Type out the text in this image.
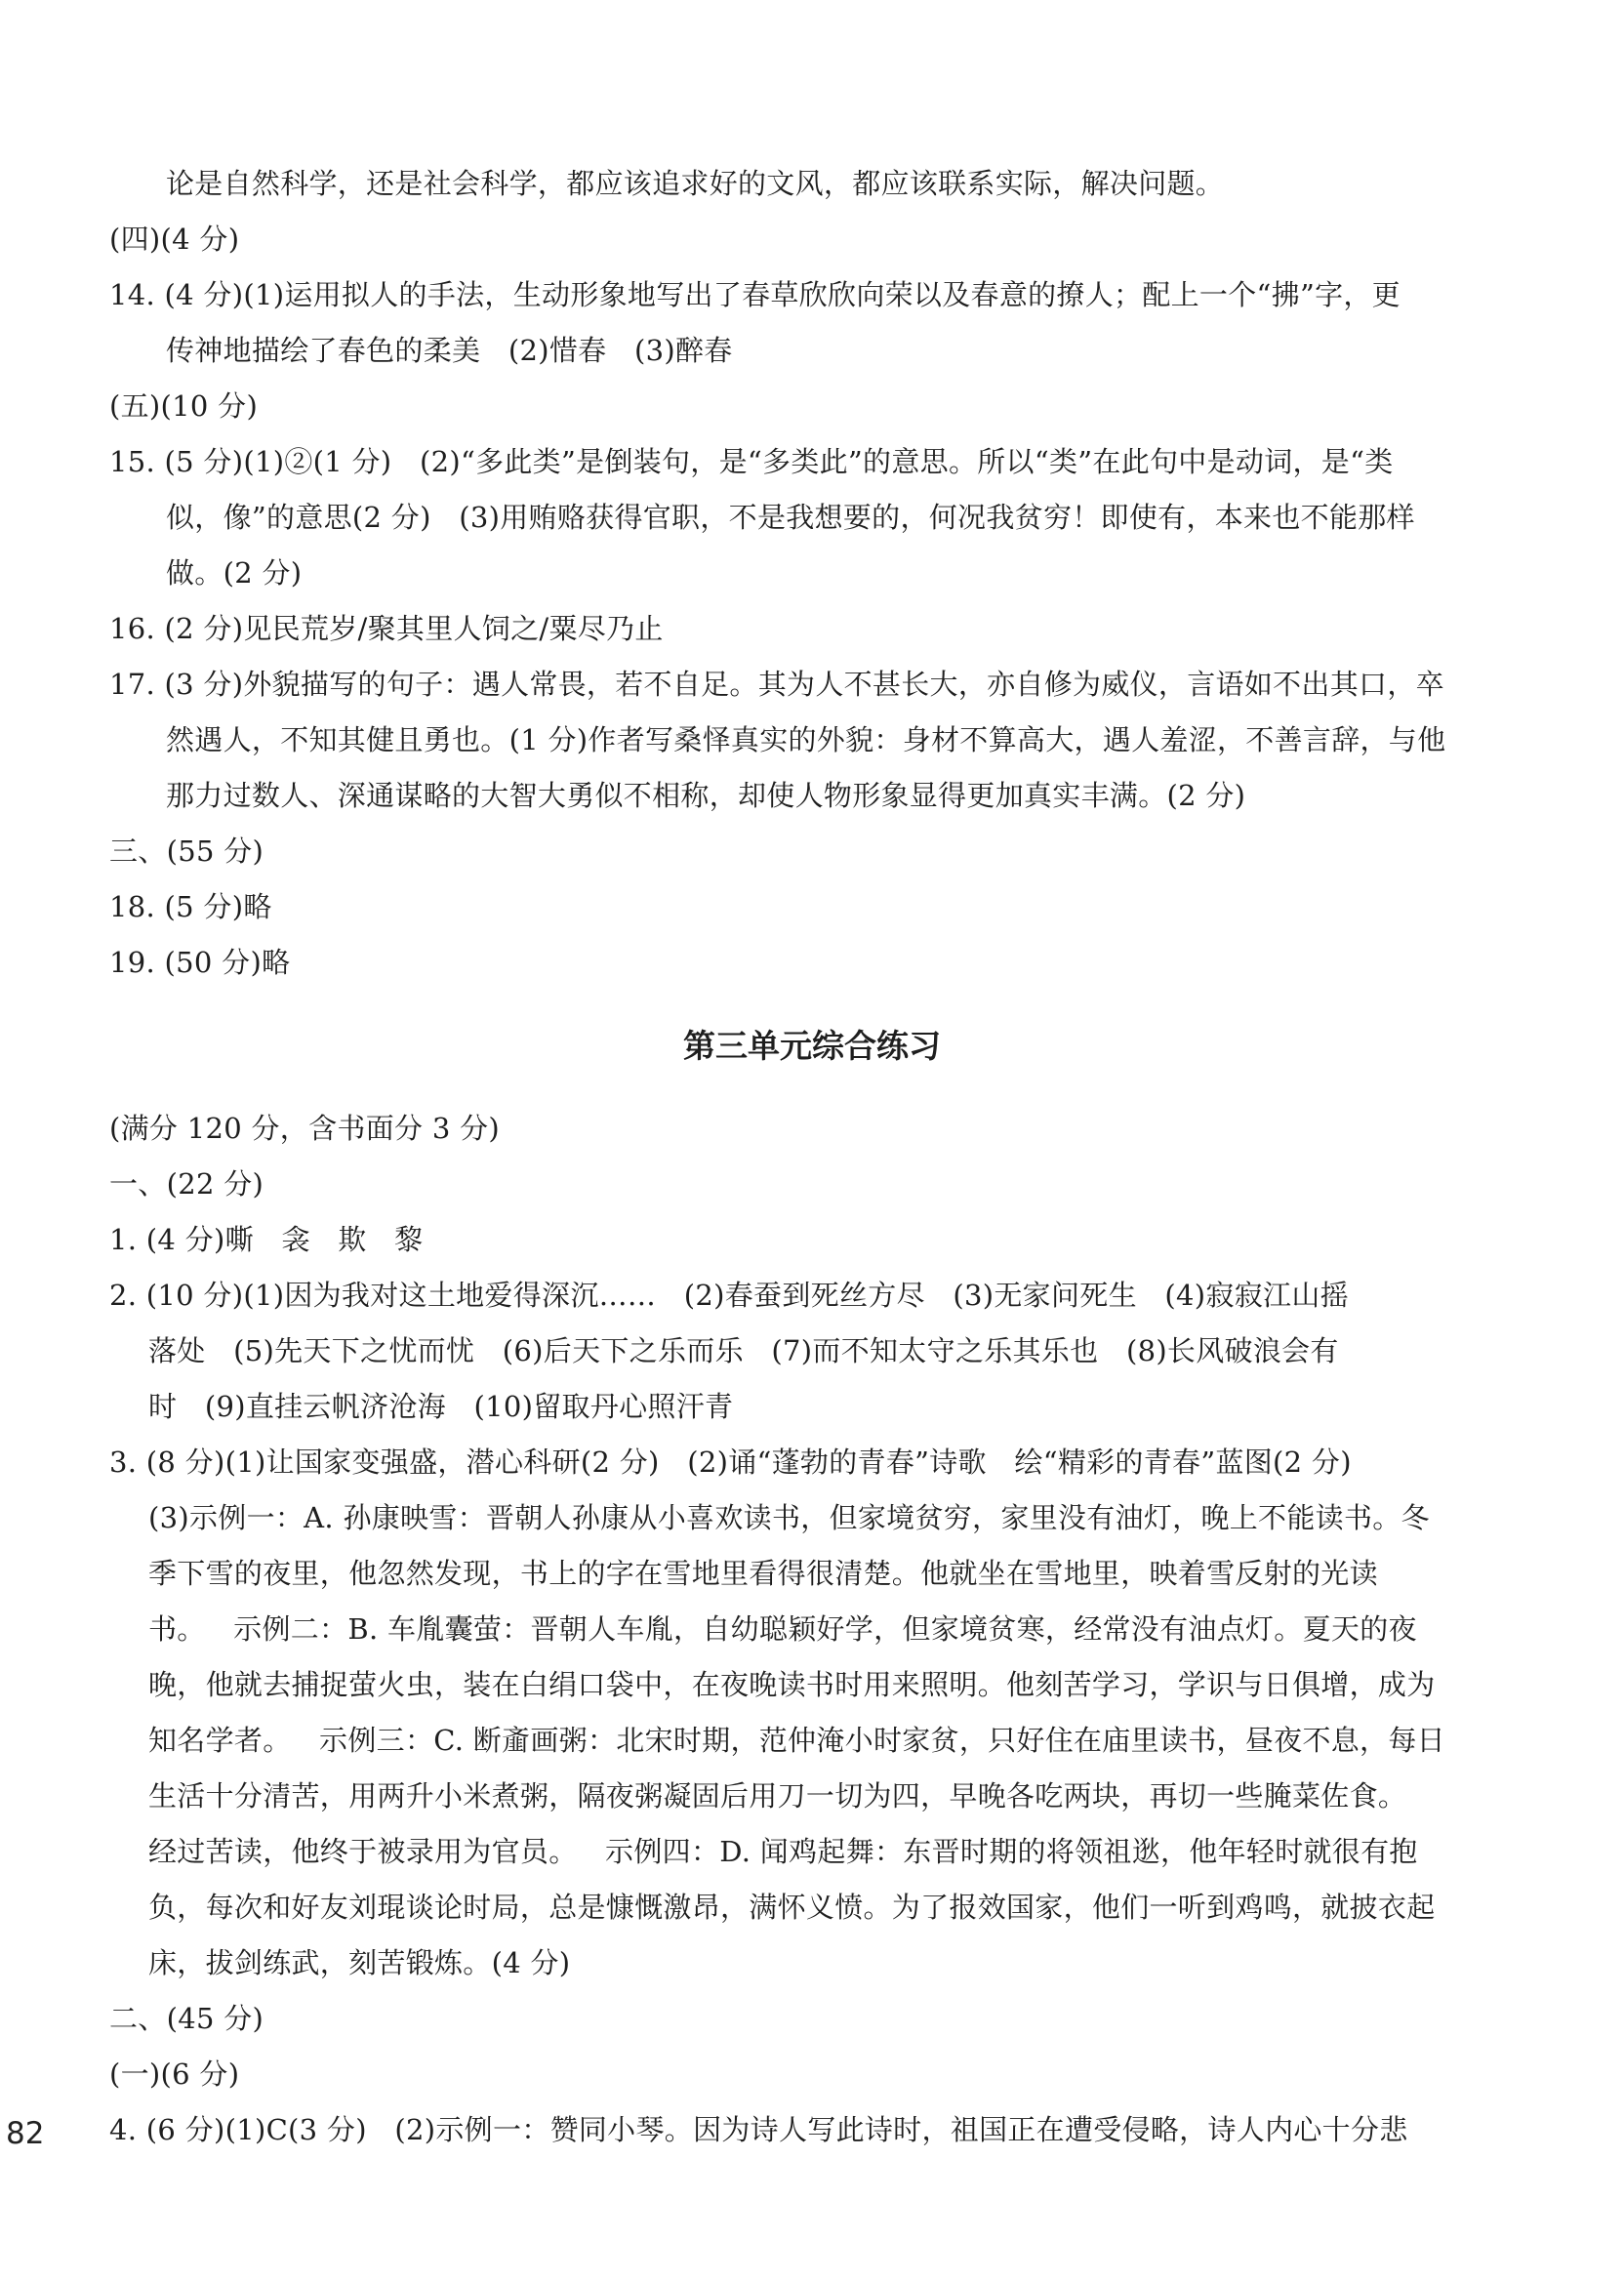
论是自然科学，还是社会科学，都应该追求好的文风，都应该联系实际，解决问题。
(四)(4 分)
14. (4 分)(1)运用拟人的手法，生动形象地写出了春草欣欣向荣以及春意的撩人；配上一个“拂”字，更
传神地描绘了春色的柔美   (2)惜春   (3)醉春
(五)(10 分)
15. (5 分)(1)②(1 分)   (2)“多此类”是倒装句，是“多类此”的意思。所以“类”在此句中是动词，是“类
似，像”的意思(2 分)   (3)用贿赂获得官职，不是我想要的，何况我贫穷！即使有，本来也不能那样
做。(2 分)
16. (2 分)见民荒岁/聚其里人饲之/粟尽乃止
17. (3 分)外貌描写的句子：遇人常畏，若不自足。其为人不甚长大，亦自修为威仪，言语如不出其口，卒
然遇人，不知其健且勇也。(1 分)作者写桑怿真实的外貌：身材不算高大，遇人羞涩，不善言辞，与他
那力过数人、深通谋略的大智大勇似不相称，却使人物形象显得更加真实丰满。(2 分)
三、(55 分)
18. (5 分)略
19. (50 分)略
第三单元综合练习
(满分 120 分，含书面分 3 分)
一、(22 分)
1. (4 分)嘶   衾   欺   黎
2. (10 分)(1)因为我对这土地爱得深沉……   (2)春蚕到死丝方尽   (3)无家问死生   (4)寂寂江山摇
落处   (5)先天下之忧而忧   (6)后天下之乐而乐   (7)而不知太守之乐其乐也   (8)长风破浪会有
时   (9)直挂云帆济沧海   (10)留取丹心照汗青
3. (8 分)(1)让国家变强盛，潜心科研(2 分)   (2)诵“蓬勃的青春”诗歌   绘“精彩的青春”蓝图(2 分)
(3)示例一：A. 孙康映雪：晋朝人孙康从小喜欢读书，但家境贫穷，家里没有油灯，晚上不能读书。冬
季下雪的夜里，他忽然发现，书上的字在雪地里看得很清楚。他就坐在雪地里，映着雪反射的光读
书。   示例二：B. 车胤囊萤：晋朝人车胤，自幼聪颖好学，但家境贫寒，经常没有油点灯。夏天的夜
晚，他就去捕捉萤火虫，装在白绢口袋中，在夜晚读书时用来照明。他刻苦学习，学识与日俱增，成为
知名学者。   示例三：C. 断齑画粥：北宋时期，范仲淹小时家贫，只好住在庙里读书，昼夜不息，每日
生活十分清苦，用两升小米煮粥，隔夜粥凝固后用刀一切为四，早晚各吃两块，再切一些腌菜佐食。
经过苦读，他终于被录用为官员。   示例四：D. 闻鸡起舞：东晋时期的将领祖逖，他年轻时就很有抱
负，每次和好友刘琨谈论时局，总是慷慨激昂，满怀义愤。为了报效国家，他们一听到鸡鸣，就披衣起
床，拔剑练武，刻苦锻炼。(4 分)
二、(45 分)
(一)(6 分)
4. (6 分)(1)C(3 分)   (2)示例一：赞同小琴。因为诗人写此诗时，祖国正在遭受侵略，诗人内心十分悲
82
